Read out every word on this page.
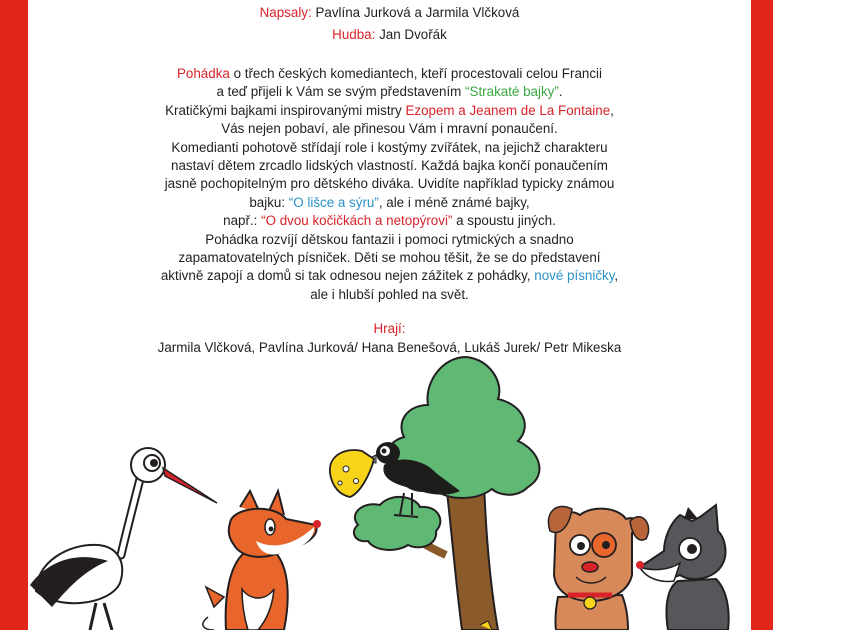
Napsaly: Pavlína Jurková a Jarmila Vlčková
Hudba: Jan Dvořák
Pohádka o třech českých komediantech, kteří procestovali celou Francii
a teď přijeli k Vám se svým představením “Strakaté bajky”.
Kratičkými bajkami inspirovanými mistry Ezopem a Jeanem de La Fontaine,
Vás nejen pobaví, ale přinesou Vám i mravní ponaučení.
Komedianti pohotově střídají role i kostýmy zvířátek, na jejichž charakteru
nastaví dětem zrcadlo lidských vlastností. Každá bajka končí ponaučením
jasně pochopitelným pro dětského diváka. Uvidíte například typicky známou
bajku: “O lišce a sýru”, ale i méně známé bajky,
např.: “O dvou kočičkách a netopýrovi” a spoustu jiných.
Pohádka rozvíjí dětskou fantazii i pomoci rytmických a snadno
zapamatovatelných písniček. Děti se mohou těšit, že se do představení
aktivně zapojí a domů si tak odnesou nejen zážitek z pohádky, nové písničky,
ale i hlubší pohled na svět.
Hrají:
Jarmila Vlčková, Pavlína Jurková/ Hana Benešová, Lukáš Jurek/ Petr Mikeska
